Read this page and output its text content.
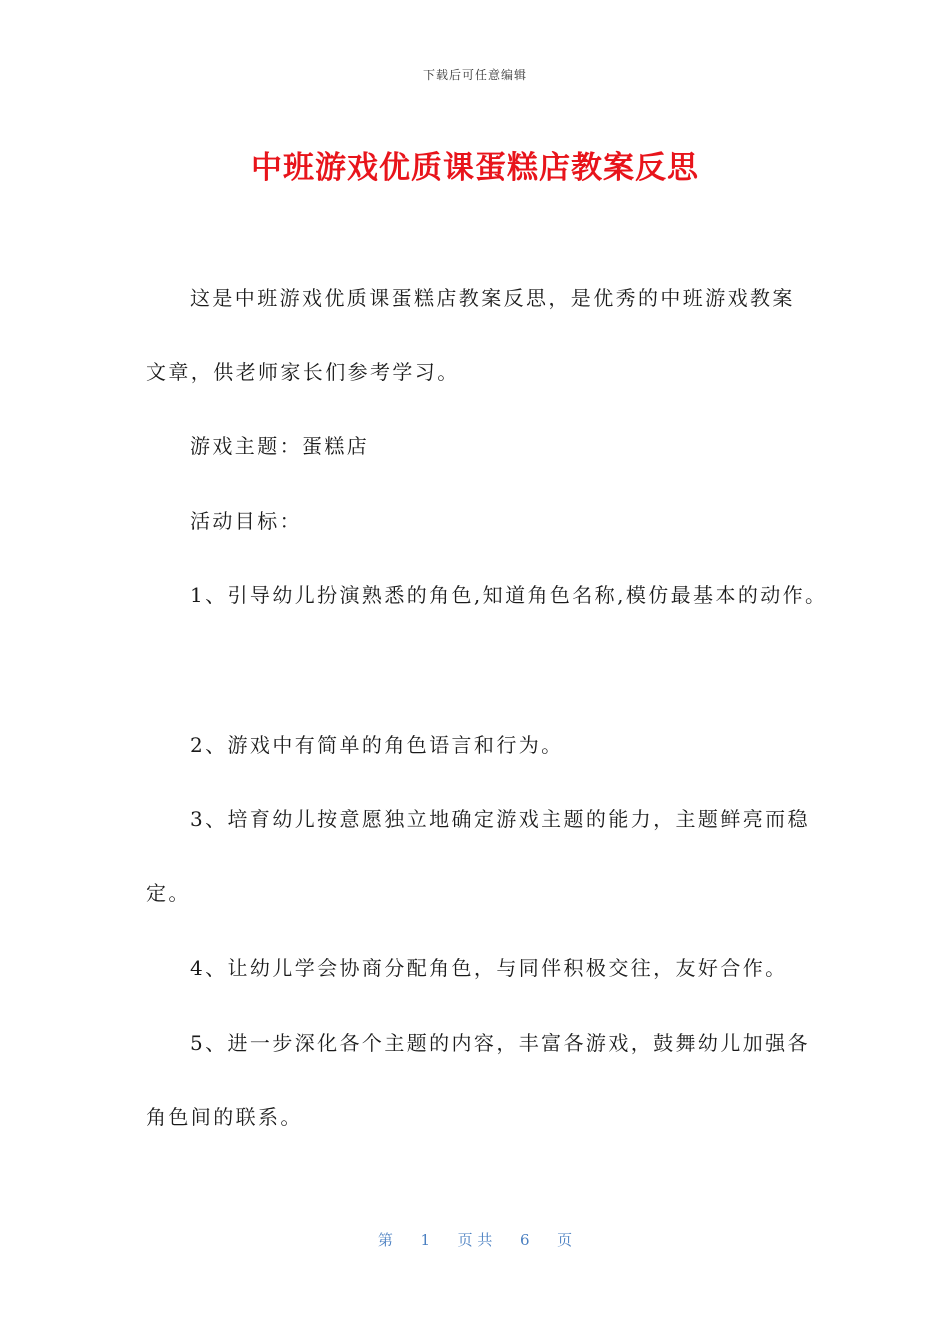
下载后可任意编辑
中班游戏优质课蛋糕店教案反思
这是中班游戏优质课蛋糕店教案反思，是优秀的中班游戏教案
文章，供老师家长们参考学习。
游戏主题：蛋糕店
活动目标：
1、引导幼儿扮演熟悉的角色,知道角色名称,模仿最基本的动作。
2、游戏中有简单的角色语言和行为。
3、培育幼儿按意愿独立地确定游戏主题的能力，主题鲜亮而稳
定。
4、让幼儿学会协商分配角色，与同伴积极交往，友好合作。
5、进一步深化各个主题的内容，丰富各游戏，鼓舞幼儿加强各
角色间的联系。
第 1 页 共 6 页
